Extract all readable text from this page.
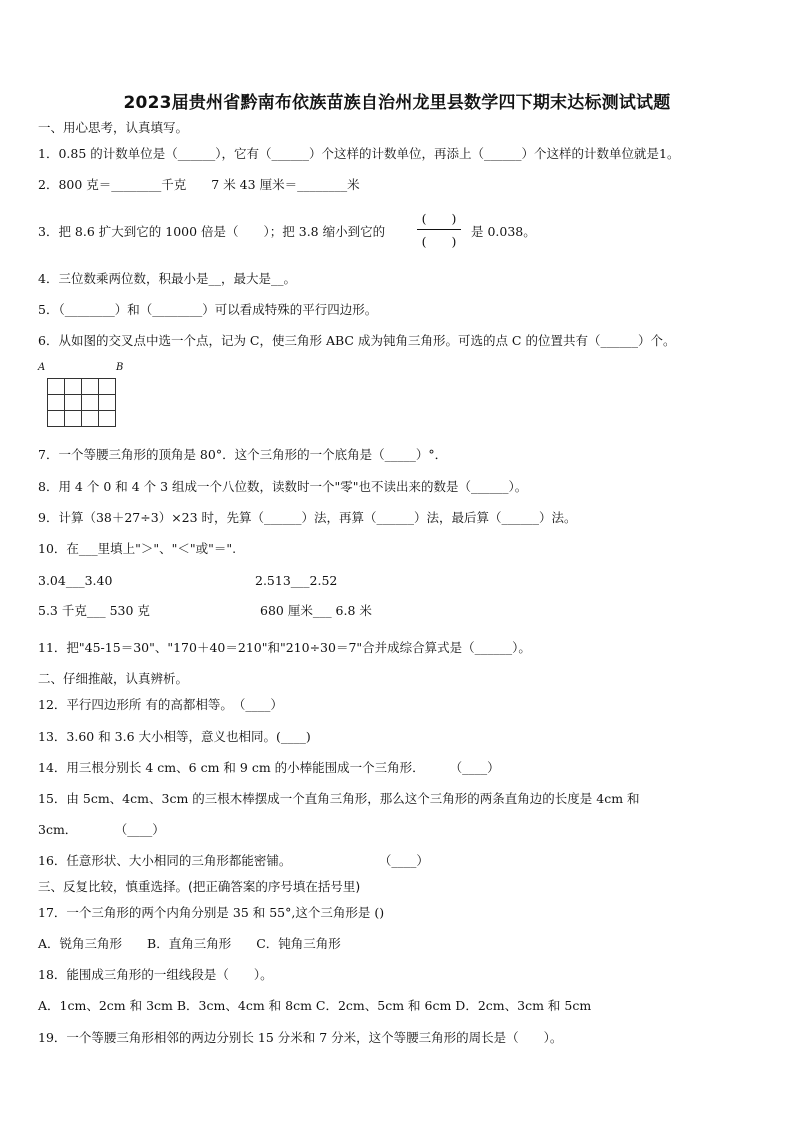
2023届贵州省黔南布依族苗族自治州龙里县数学四下期末达标测试试题
一、用心思考，认真填写。
1．0.85 的计数单位是（______），它有（______）个这样的计数单位，再添上（______）个这样的计数单位就是1。
2．800 克＝________千克　　7 米 43 厘米＝________米
3．把 8.6 扩大到它的 1000 倍是（　　）；把 3.8 缩小到它的
(　　)
(　　)
是 0.038。
4．三位数乘两位数，积最小是__，最大是__。
5．（________）和（________）可以看成特殊的平行四边形。
6．从如图的交叉点中选一个点，记为 C，使三角形 ABC 成为钝角三角形。可选的点 C 的位置共有（______）个。
A	B
7．一个等腰三角形的顶角是 80°．这个三角形的一个底角是（_____）°．
8．用 4 个 0 和 4 个 3 组成一个八位数，读数时一个"零"也不读出来的数是（______）。
9．计算（38＋27÷3）×23 时，先算（______）法，再算（______）法，最后算（______）法。
10．在___里填上"＞"、"＜"或"＝".
3.04___3.40	2.513___2.52
5.3 千克___ 530 克	680 厘米___ 6.8 米
11．把"45-15＝30"、"170＋40＝210"和"210÷30＝7"合并成综合算式是（______）。
二、仔细推敲，认真辨析。
12．平行四边形所 有的高都相等。　（____）
13．3.60 和 3.6 大小相等，意义也相同。(____)
14．用三根分别长 4 cm、6 cm 和 9 cm 的小棒能围成一个三角形．　　　（____）
15．由 5cm、4cm、3cm 的三根木棒摆成一个直角三角形，那么这个三角形的两条直角边的长度是 4cm 和
3cm．　　　　（____）
16．任意形状、大小相同的三角形都能密铺。　　　　　　　　（____）
三、反复比较，慎重选择。(把正确答案的序号填在括号里)
17．一个三角形的两个内角分别是 35 和 55°,这个三角形是 ()
A．锐角三角形　　B．直角三角形　　C．钝角三角形
18．能围成三角形的一组线段是（　　）。
A．1cm、2cm 和 3cm B．3cm、4cm 和 8cm C．2cm、5cm 和 6cm D．2cm、3cm 和 5cm
19．一个等腰三角形相邻的两边分别长 15 分米和 7 分米，这个等腰三角形的周长是（　　）。
